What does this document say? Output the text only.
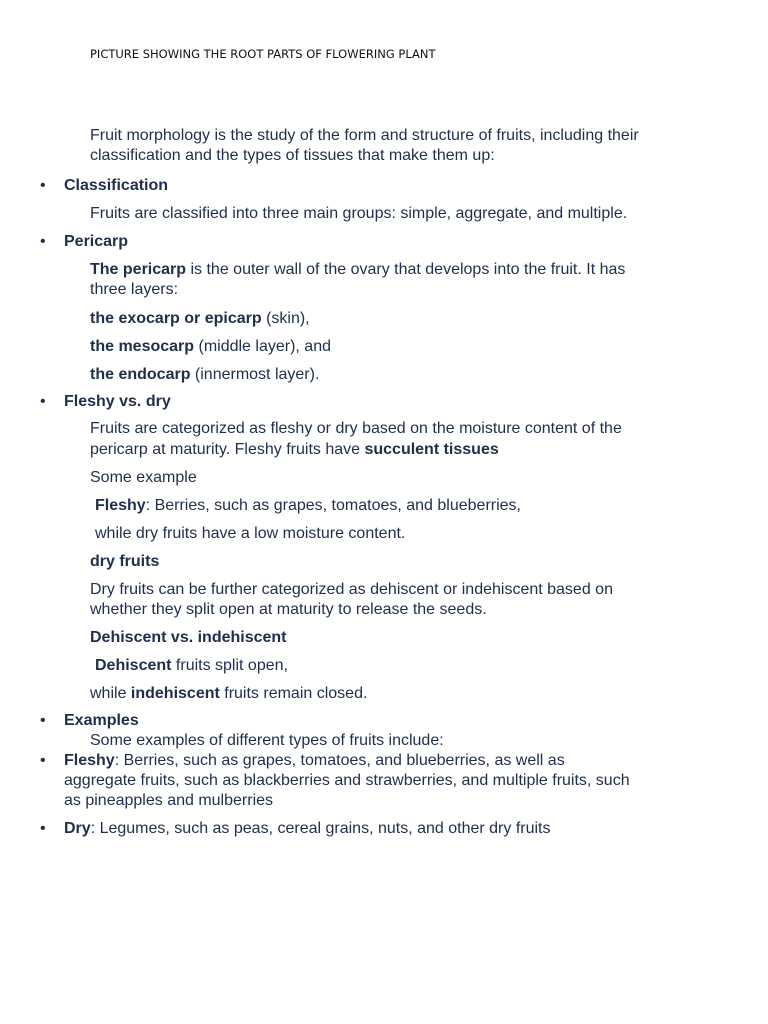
PICTURE SHOWING THE ROOT PARTS OF FLOWERING PLANT
Fruit morphology is the study of the form and structure of fruits, including their
classification and the types of tissues that make them up:
• Classification
Fruits are classified into three main groups: simple, aggregate, and multiple.
• Pericarp
The pericarp is the outer wall of the ovary that develops into the fruit. It has
three layers:
the exocarp or epicarp (skin),
the mesocarp (middle layer), and
the endocarp (innermost layer).
• Fleshy vs. dry
Fruits are categorized as fleshy or dry based on the moisture content of the
pericarp at maturity. Fleshy fruits have succulent tissues
Some example
Fleshy: Berries, such as grapes, tomatoes, and blueberries,
while dry fruits have a low moisture content.
dry fruits
Dry fruits can be further categorized as dehiscent or indehiscent based on
whether they split open at maturity to release the seeds.
Dehiscent vs. indehiscent
Dehiscent fruits split open,
while indehiscent fruits remain closed.
• Examples
Some examples of different types of fruits include:
• Fleshy: Berries, such as grapes, tomatoes, and blueberries, as well as
aggregate fruits, such as blackberries and strawberries, and multiple fruits, such
as pineapples and mulberries
• Dry: Legumes, such as peas, cereal grains, nuts, and other dry fruits
